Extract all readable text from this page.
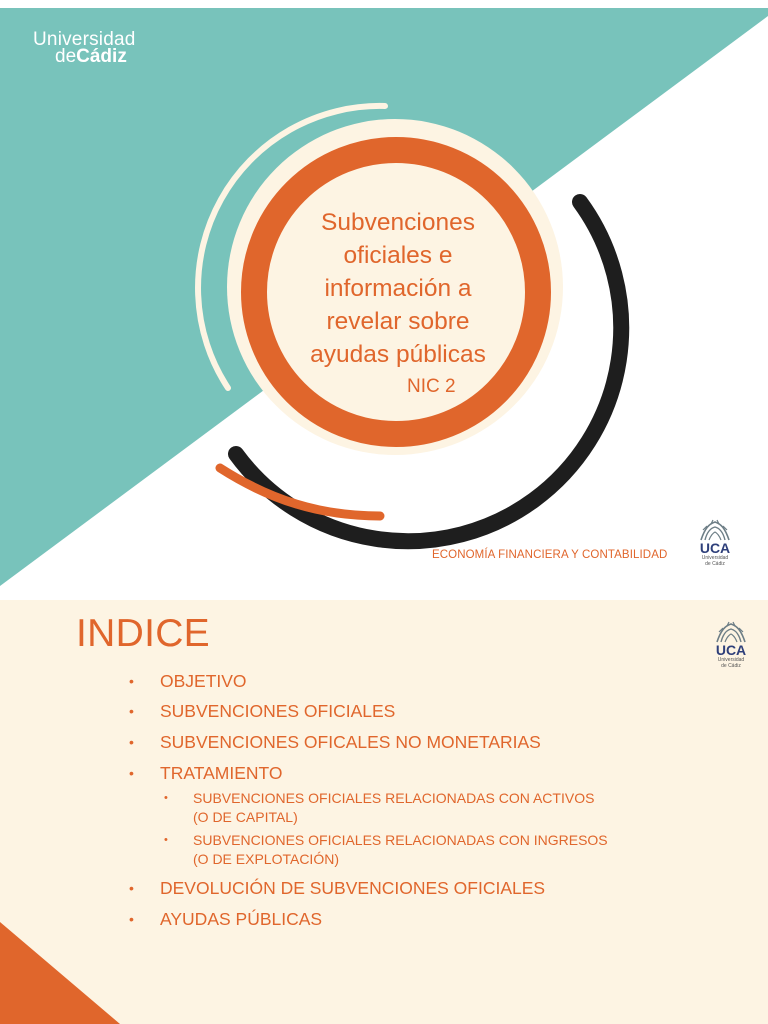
Universidad
deCádiz
Subvenciones
oficiales e
información a
revelar sobre
ayudas públicas
NIC 2
ECONOMÍA FINANCIERA Y CONTABILIDAD	UCA
Universidad
de Cádiz
INDICE	UCA
Universidad
de Cádiz
• OBJETIVO
• SUBVENCIONES OFICIALES
• SUBVENCIONES OFICALES NO MONETARIAS
• TRATAMIENTO
• SUBVENCIONES OFICIALES RELACIONADAS CON ACTIVOS
(O DE CAPITAL)
• SUBVENCIONES OFICIALES RELACIONADAS CON INGRESOS
(O DE EXPLOTACIÓN)
• DEVOLUCIÓN DE SUBVENCIONES OFICIALES
• AYUDAS PÚBLICAS
